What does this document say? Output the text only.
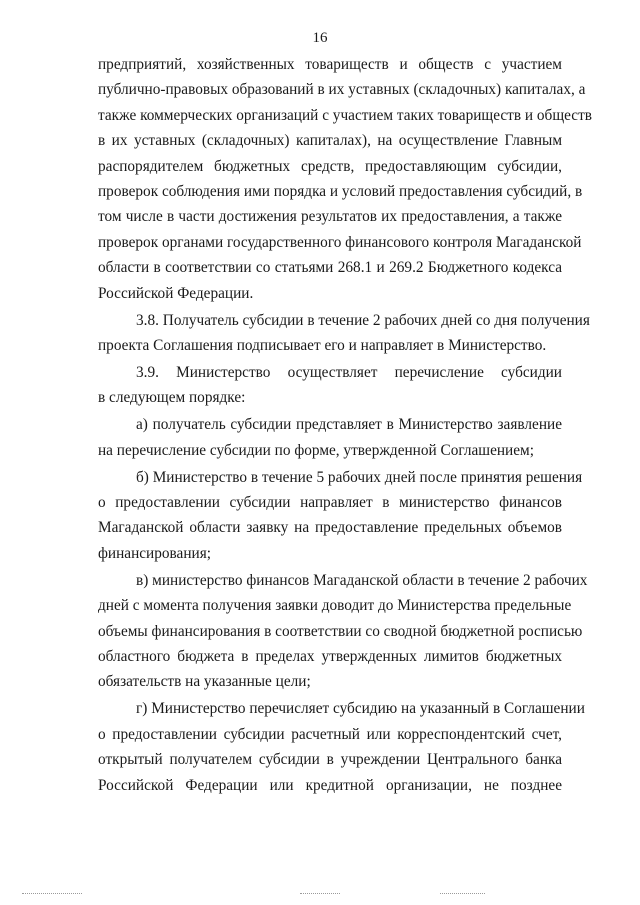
16
предприятий, хозяйственных товариществ и обществ с участием
публично-правовых образований в их уставных (складочных) капиталах, а
также коммерческих организаций с участием таких товариществ и обществ
в их уставных (складочных) капиталах), на осуществление Главным
распорядителем бюджетных средств, предоставляющим субсидии,
проверок соблюдения ими порядка и условий предоставления субсидий, в
том числе в части достижения результатов их предоставления, а также
проверок органами государственного финансового контроля Магаданской
области в соответствии со статьями 268.1 и 269.2 Бюджетного кодекса
Российской Федерации.
3.8. Получатель субсидии в течение 2 рабочих дней со дня получения
проекта Соглашения подписывает его и направляет в Министерство.
3.9. Министерство осуществляет перечисление субсидии
в следующем порядке:
а) получатель субсидии представляет в Министерство заявление
на перечисление субсидии по форме, утвержденной Соглашением;
б) Министерство в течение 5 рабочих дней после принятия решения
о предоставлении субсидии направляет в министерство финансов
Магаданской области заявку на предоставление предельных объемов
финансирования;
в) министерство финансов Магаданской области в течение 2 рабочих
дней с момента получения заявки доводит до Министерства предельные
объемы финансирования в соответствии со сводной бюджетной росписью
областного бюджета в пределах утвержденных лимитов бюджетных
обязательств на указанные цели;
г) Министерство перечисляет субсидию на указанный в Соглашении
о предоставлении субсидии расчетный или корреспондентский счет,
открытый получателем субсидии в учреждении Центрального банка
Российской Федерации или кредитной организации, не позднее
